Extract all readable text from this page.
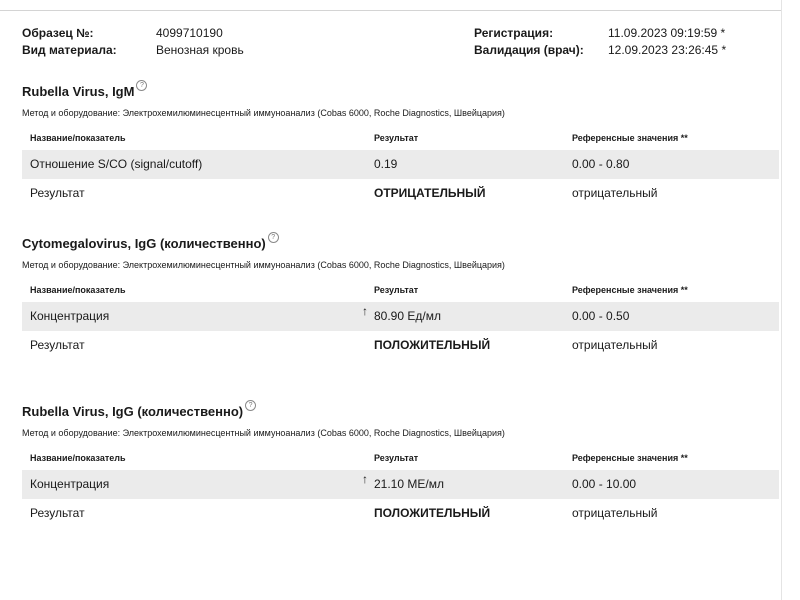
Образец №:	4099710190
Вид материала:	Венозная кровь
Регистрация:	11.09.2023 09:19:59 *
Валидация (врач): 12.09.2023 23:26:45 *
Rubella Virus, IgM ?
Метод и оборудование: Электрохемилюминесцентный иммуноанализ (Cobas 6000, Roche Diagnostics, Швейцария)
Название/показатель	Результат	Референсные значения **
Отношение S/CO (signal/cutoff)	0.19	0.00 - 0.80
Результат	ОТРИЦАТЕЛЬНЫЙ	отрицательный
Cytomegalovirus, IgG (количественно) ?
Метод и оборудование: Электрохемилюминесцентный иммуноанализ (Cobas 6000, Roche Diagnostics, Швейцария)
Название/показатель	Результат	Референсные значения **
Концентрация	↑ 80.90 Ед/мл	0.00 - 0.50
Результат	ПОЛОЖИТЕЛЬНЫЙ	отрицательный
Rubella Virus, IgG (количественно) ?
Метод и оборудование: Электрохемилюминесцентный иммуноанализ (Cobas 6000, Roche Diagnostics, Швейцария)
Название/показатель	Результат	Референсные значения **
Концентрация	↑ 21.10 МЕ/мл	0.00 - 10.00
Результат	ПОЛОЖИТЕЛЬНЫЙ	отрицательный
